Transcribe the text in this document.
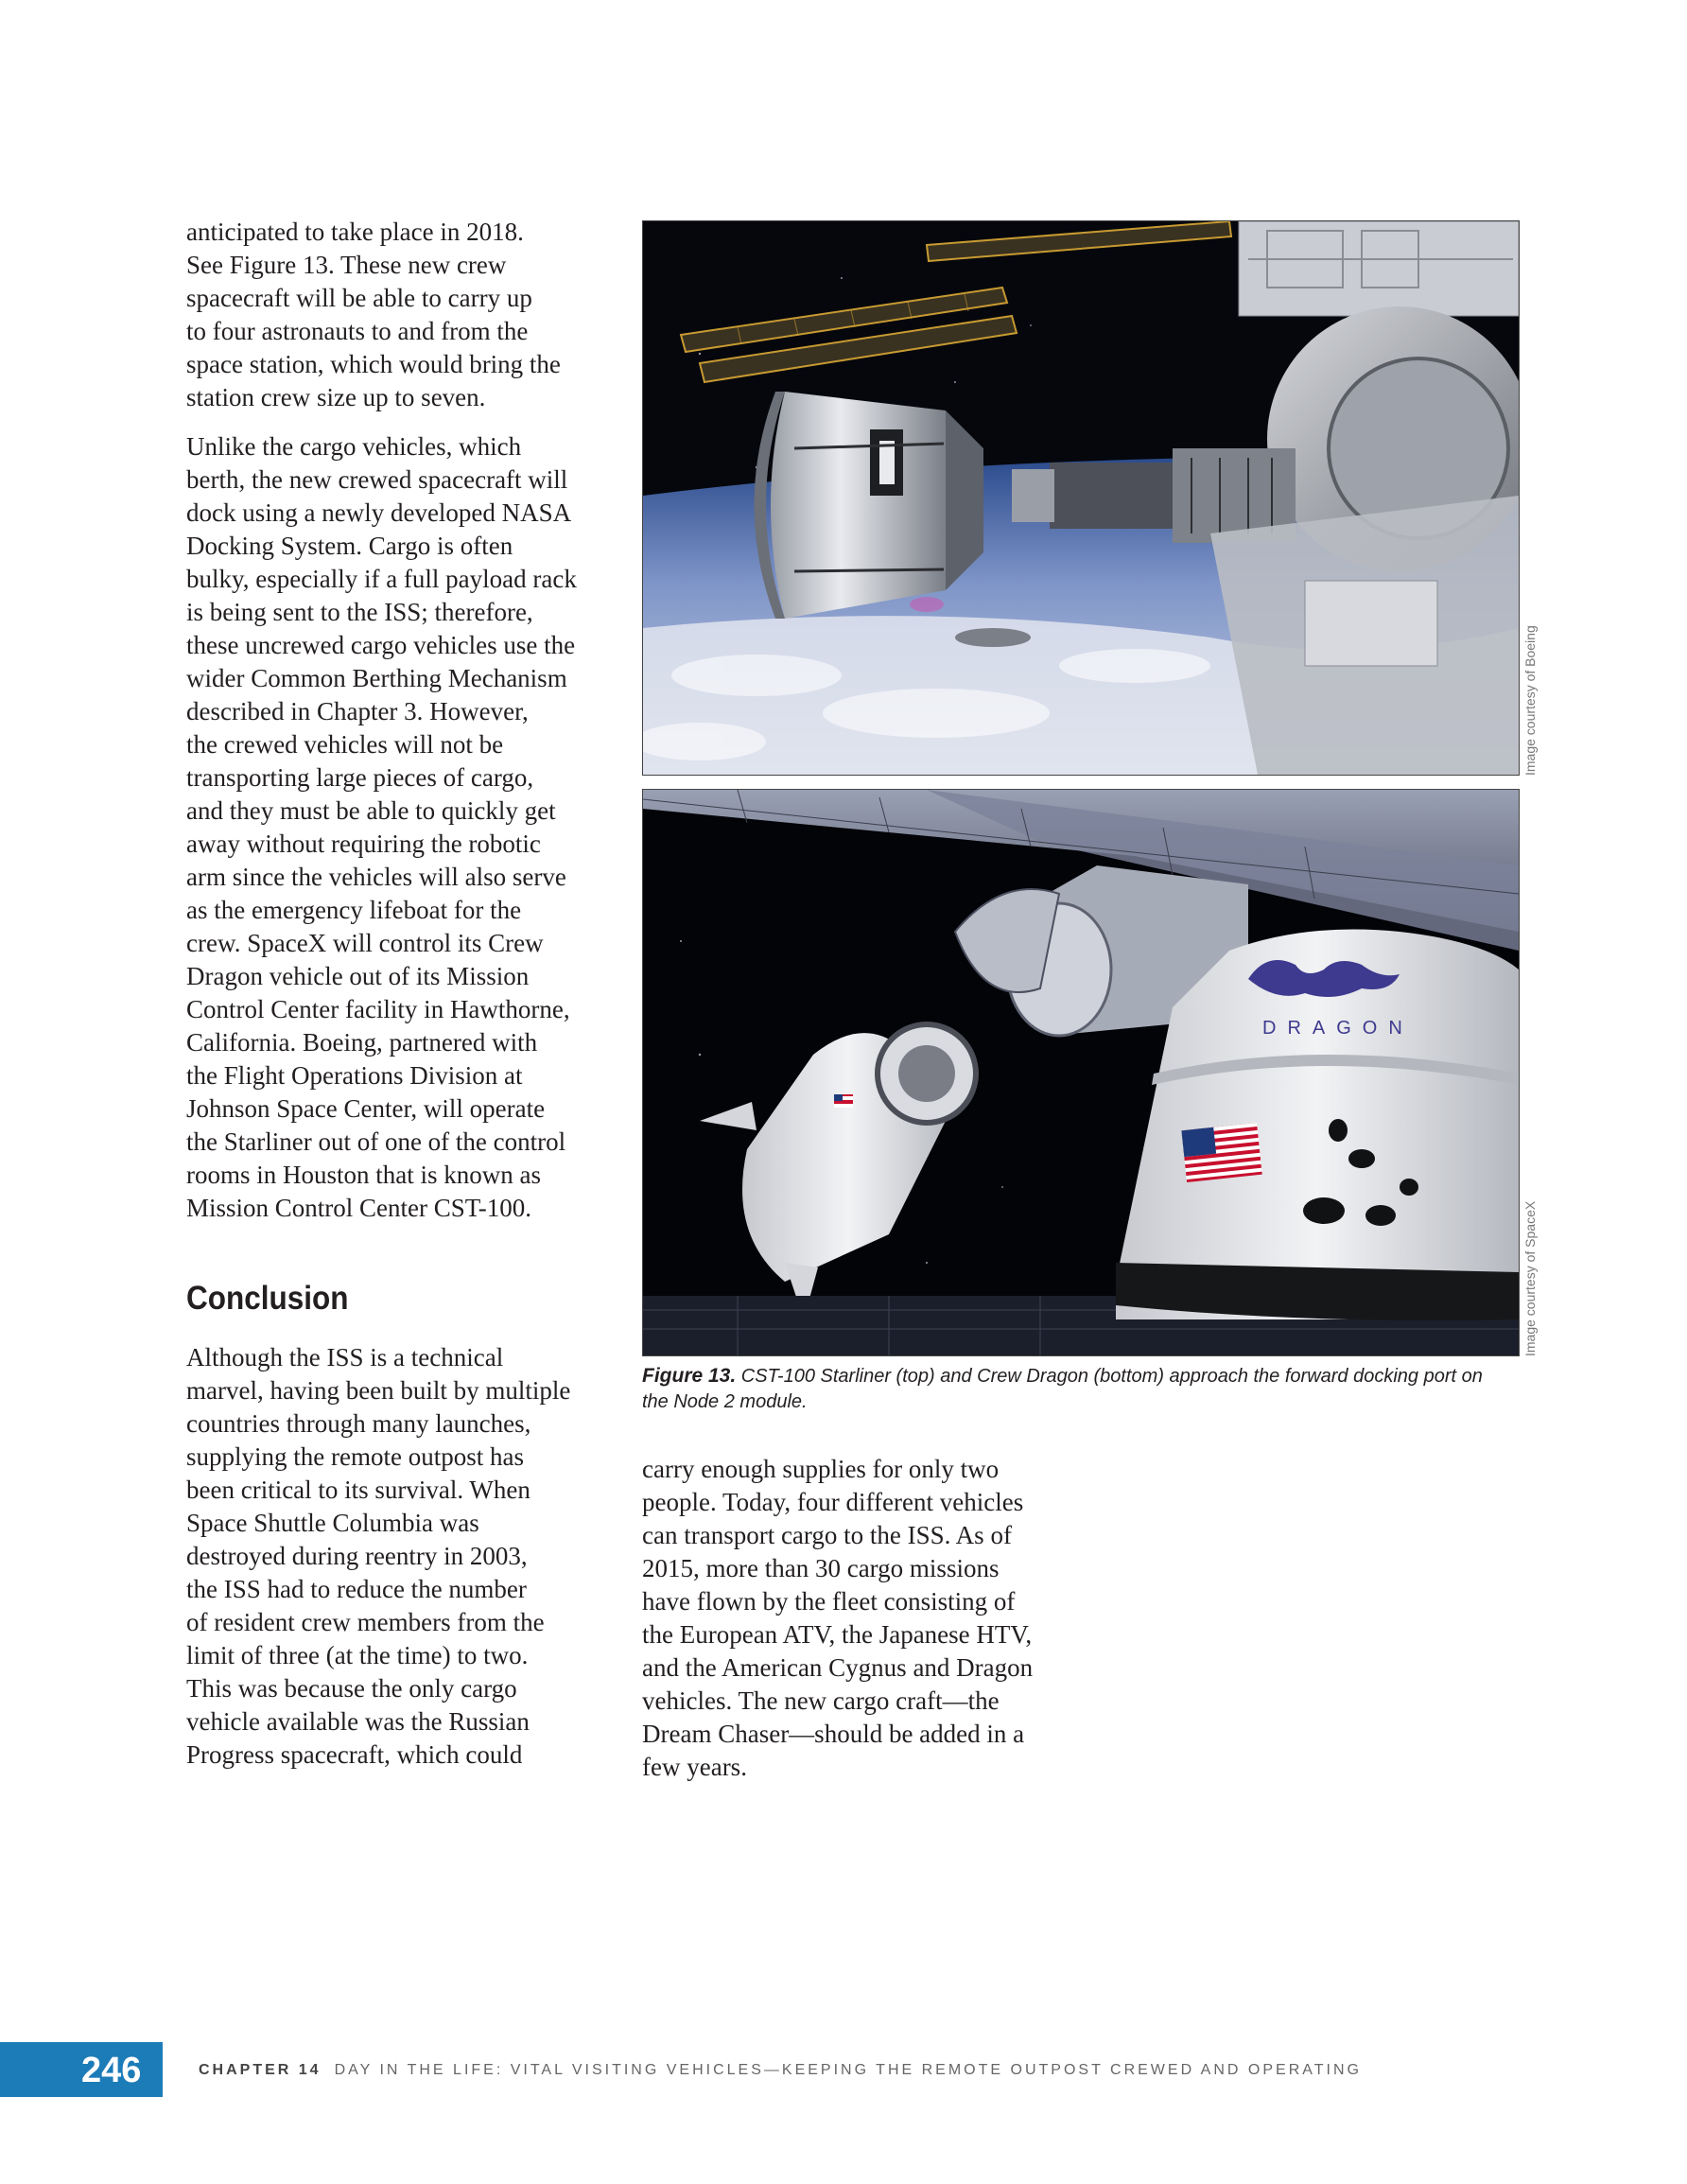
anticipated to take place in 2018.
See Figure 13. These new crew
spacecraft will be able to carry up
to four astronauts to and from the
space station, which would bring the
station crew size up to seven.

Unlike the cargo vehicles, which
berth, the new crewed spacecraft will
dock using a newly developed NASA
Docking System. Cargo is often
bulky, especially if a full payload rack
is being sent to the ISS; therefore,
these uncrewed cargo vehicles use the
wider Common Berthing Mechanism
described in Chapter 3. However,
the crewed vehicles will not be
transporting large pieces of cargo,
and they must be able to quickly get
away without requiring the robotic
arm since the vehicles will also serve
as the emergency lifeboat for the
crew. SpaceX will control its Crew
Dragon vehicle out of its Mission
Control Center facility in Hawthorne,
California. Boeing, partnered with
the Flight Operations Division at
Johnson Space Center, will operate
the Starliner out of one of the control
rooms in Houston that is known as
Mission Control Center CST-100.

Conclusion

Although the ISS is a technical
marvel, having been built by multiple
countries through many launches,
supplying the remote outpost has
been critical to its survival. When
Space Shuttle Columbia was
destroyed during reentry in 2003,
the ISS had to reduce the number
of resident crew members from the
limit of three (at the time) to two.
This was because the only cargo
vehicle available was the Russian
Progress spacecraft, which could

carry enough supplies for only two
people. Today, four different vehicles
can transport cargo to the ISS. As of
2015, more than 30 cargo missions
have flown by the fleet consisting of
the European ATV, the Japanese HTV,
and the American Cygnus and Dragon
vehicles. The new cargo craft—the
Dream Chaser—should be added in a
few years.

DRAGON
Image courtesy of Boeing
Image courtesy of SpaceX
Figure 13. CST-100 Starliner (top) and Crew Dragon (bottom) approach the forward docking port on the Node 2 module.
246	CHAPTER 14 DAY IN THE LIFE: VITAL VISITING VEHICLES—KEEPING THE REMOTE OUTPOST CREWED AND OPERATING
